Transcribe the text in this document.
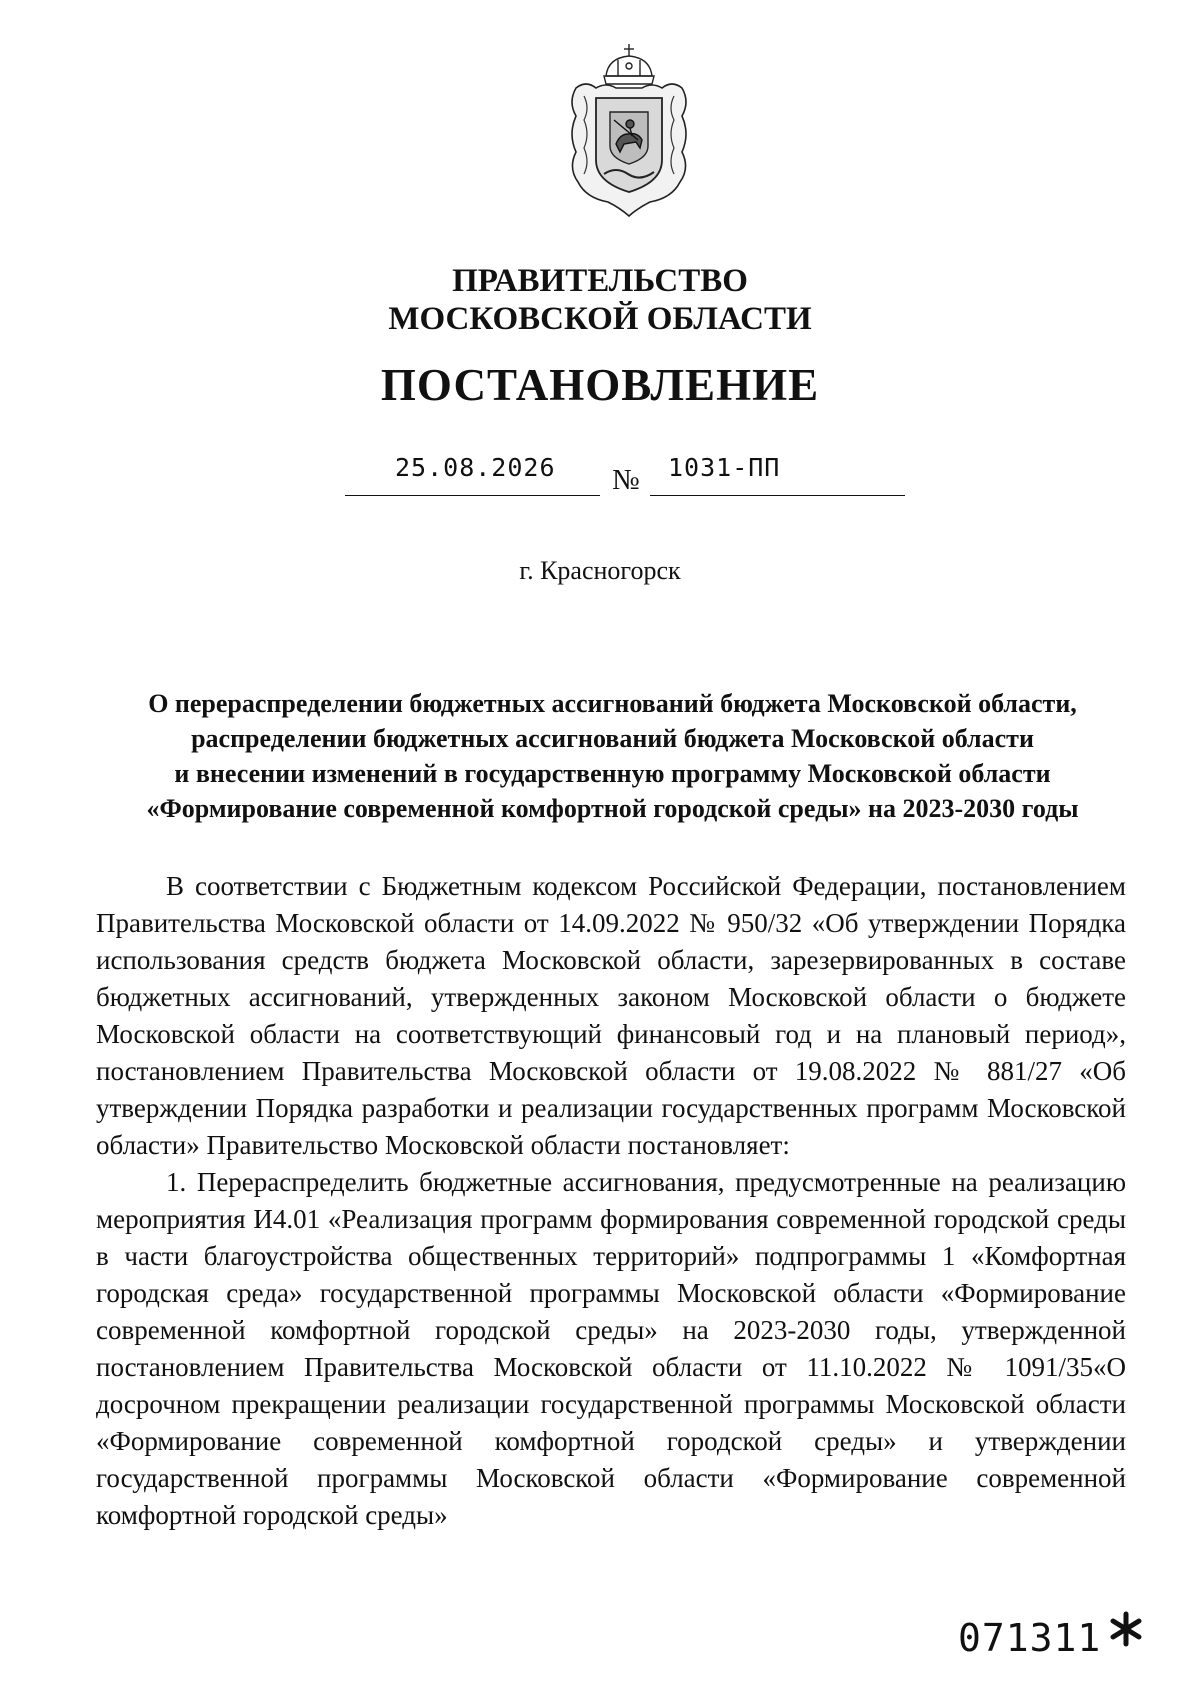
ПРАВИТЕЛЬСТВО
МОСКОВСКОЙ ОБЛАСТИ
ПОСТАНОВЛЕНИЕ
25.08.2026 № 1031-ПП
г. Красногорск
О перераспределении бюджетных ассигнований бюджета Московской области,
распределении бюджетных ассигнований бюджета Московской области
и внесении изменений в государственную программу Московской области
«Формирование современной комфортной городской среды» на 2023-2030 годы

В соответствии с Бюджетным кодексом Российской Федерации, постановлением Правительства Московской области от 14.09.2022 № 950/32 «Об утверждении Порядка использования средств бюджета Московской области, зарезервированных в составе бюджетных ассигнований, утвержденных законом Московской области о бюджете Московской области на соответствующий финансовый год и на плановый период», постановлением Правительства Московской области от 19.08.2022 № 881/27 «Об утверждении Порядка разработки и реализации государственных программ Московской области» Правительство Московской области постановляет:

1. Перераспределить бюджетные ассигнования, предусмотренные на реализацию мероприятия И4.01 «Реализация программ формирования современной городской среды в части благоустройства общественных территорий» подпрограммы 1 «Комфортная городская среда» государственной программы Московской области «Формирование современной комфортной городской среды» на 2023-2030 годы, утвержденной постановлением Правительства Московской области от 11.10.2022 № 1091/35«О досрочном прекращении реализации государственной программы Московской области «Формирование современной комфортной городской среды» и утверждении государственной программы Московской области «Формирование современной комфортной городской среды»

071311
